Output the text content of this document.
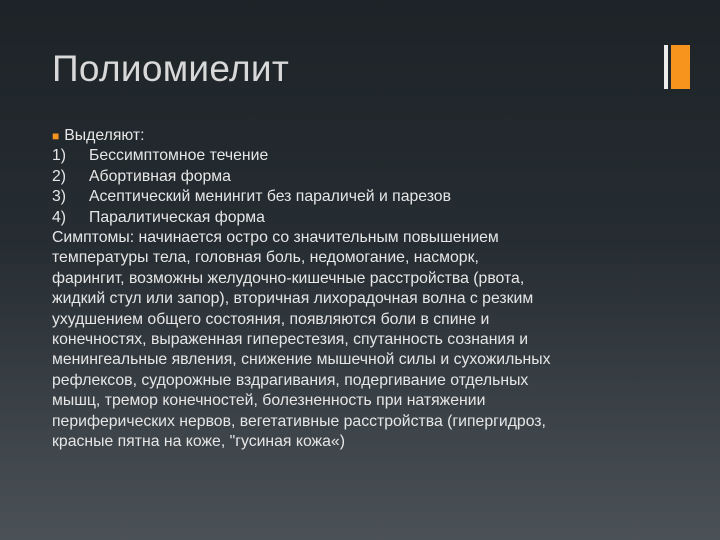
Полиомиелит
■ Выделяют:
1) Бессимптомное течение
2) Абортивная форма
3) Асептический менингит без параличей и парезов
4) Паралитическая форма
Симптомы: начинается остро со значительным повышением
температуры тела, головная боль, недомогание, насморк,
фарингит, возможны желудочно-кишечные расстройства (рвота,
жидкий стул или запор), вторичная лихорадочная волна с резким
ухудшением общего состояния, появляются боли в спине и
конечностях, выраженная гиперестезия, спутанность сознания и
менингеальные явления, снижение мышечной силы и сухожильных
рефлексов, судорожные вздрагивания, подергивание отдельных
мышц, тремор конечностей, болезненность при натяжении
периферических нервов, вегетативные расстройства (гипергидроз,
красные пятна на коже, "гусиная кожа«)
